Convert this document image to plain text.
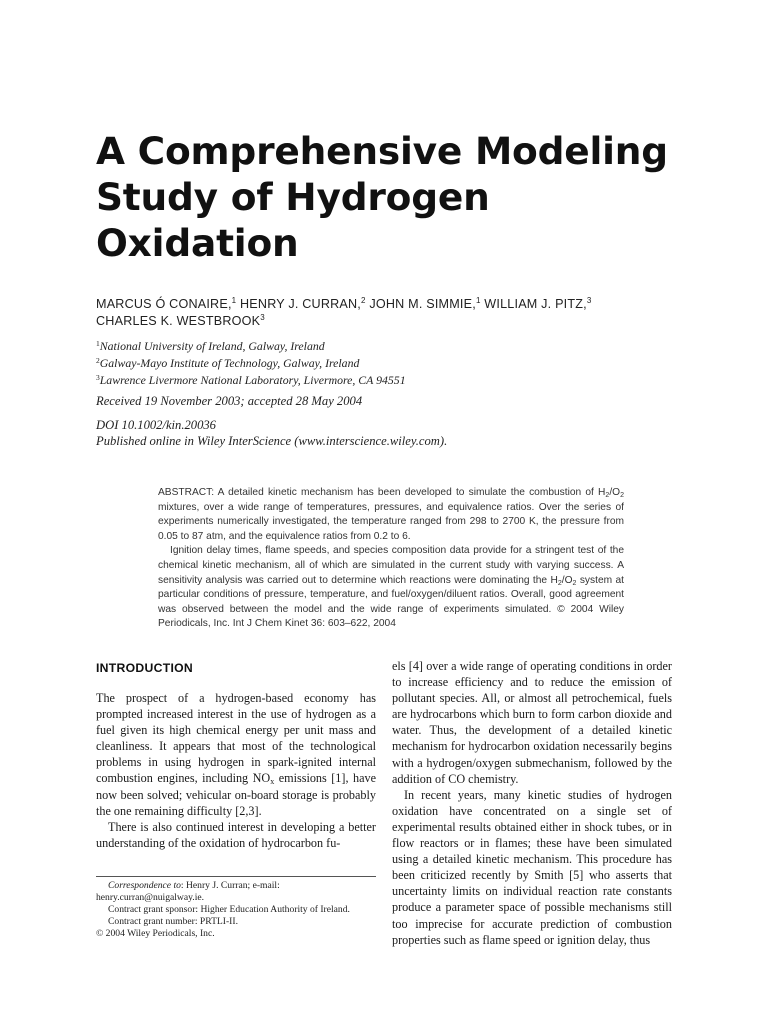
A Comprehensive Modeling
Study of Hydrogen
Oxidation
MARCUS Ó CONAIRE,$^1$ HENRY J. CURRAN,$^2$ JOHN M. SIMMIE,$^1$ WILLIAM J. PITZ,$^3$
CHARLES K. WESTBROOK$^3$
$^1$National University of Ireland, Galway, Ireland
$^2$Galway-Mayo Institute of Technology, Galway, Ireland
$^3$Lawrence Livermore National Laboratory, Livermore, CA 94551
Received 19 November 2003; accepted 28 May 2004
DOI 10.1002/kin.20036
Published online in Wiley InterScience (www.interscience.wiley.com).

ABSTRACT: A detailed kinetic mechanism has been developed to simulate the combustion of $H_2/O_2$ mixtures, over a wide range of temperatures, pressures, and equivalence ratios. Over the series of experiments numerically investigated, the temperature ranged from 298 to 2700 K, the pressure from 0.05 to 87 atm, and the equivalence ratios from 0.2 to 6.

Ignition delay times, flame speeds, and species composition data provide for a stringent test of the chemical kinetic mechanism, all of which are simulated in the current study with varying success. A sensitivity analysis was carried out to determine which reactions were dominating the $H_2/O_2$ system at particular conditions of pressure, temperature, and fuel/oxygen/diluent ratios. Overall, good agreement was observed between the model and the wide range of experiments simulated. © 2004 Wiley Periodicals, Inc. Int J Chem Kinet 36: 603–622, 2004

INTRODUCTION

The prospect of a hydrogen-based economy has prompted increased interest in the use of hydrogen as a fuel given its high chemical energy per unit mass and cleanliness. It appears that most of the technological problems in using hydrogen in spark-ignited internal combustion engines, including $NO_x$ emissions [1], have now been solved; vehicular on-board storage is probably the one remaining difficulty [2,3].

There is also continued interest in developing a better understanding of the oxidation of hydrocarbon fu-

Correspondence to: Henry J. Curran; e-mail: henry.curran@nuigalway.ie.

Contract grant sponsor: Higher Education Authority of Ireland.

Contract grant number: PRTLI-II.

© 2004 Wiley Periodicals, Inc.

els [4] over a wide range of operating conditions in order to increase efficiency and to reduce the emission of pollutant species. All, or almost all petrochemical, fuels are hydrocarbons which burn to form carbon dioxide and water. Thus, the development of a detailed kinetic mechanism for hydrocarbon oxidation necessarily begins with a hydrogen/oxygen submechanism, followed by the addition of CO chemistry.

In recent years, many kinetic studies of hydrogen oxidation have concentrated on a single set of experimental results obtained either in shock tubes, or in flow reactors or in flames; these have been simulated using a detailed kinetic mechanism. This procedure has been criticized recently by Smith [5] who asserts that uncertainty limits on individual reaction rate constants produce a parameter space of possible mechanisms still too imprecise for accurate prediction of combustion properties such as flame speed or ignition delay, thus
